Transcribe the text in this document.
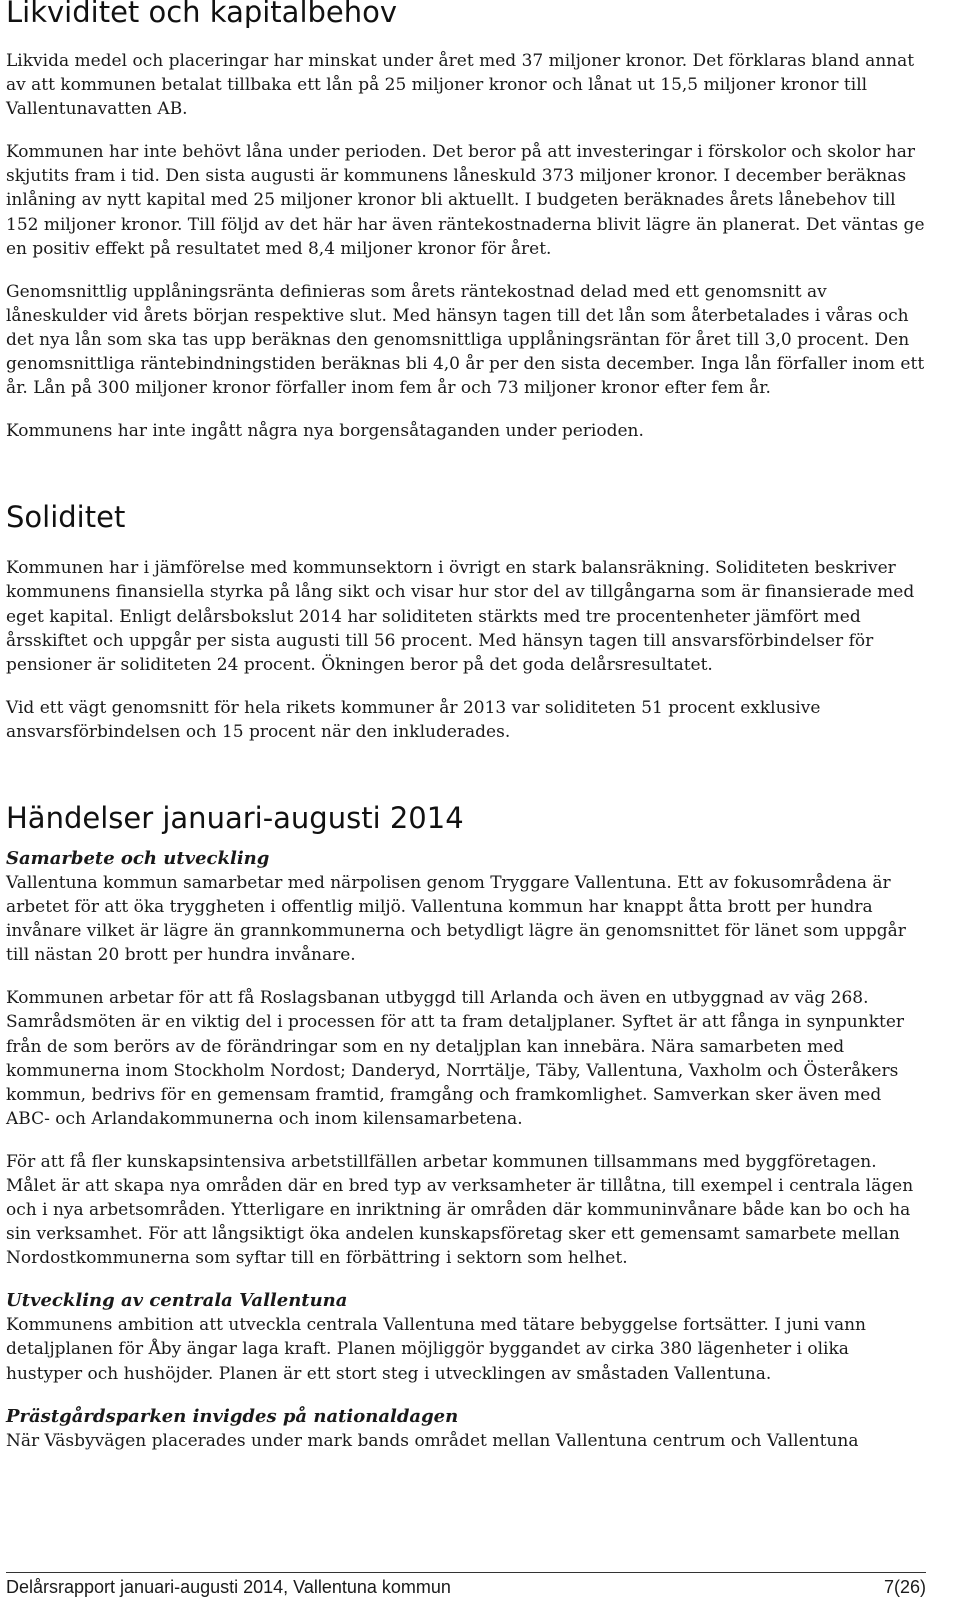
Likviditet och kapitalbehov

Likvida medel och placeringar har minskat under året med 37 miljoner kronor. Det förklaras bland annat av att kommunen betalat tillbaka ett lån på 25 miljoner kronor och lånat ut 15,5 miljoner kronor till Vallentunavatten AB.

Kommunen har inte behövt låna under perioden. Det beror på att investeringar i förskolor och skolor har skjutits fram i tid. Den sista augusti är kommunens låneskuld 373 miljoner kronor. I december beräknas inlåning av nytt kapital med 25 miljoner kronor bli aktuellt. I budgeten beräknades årets lånebehov till 152 miljoner kronor. Till följd av det här har även räntekostnaderna blivit lägre än planerat. Det väntas ge en positiv effekt på resultatet med 8,4 miljoner kronor för året.

Genomsnittlig upplåningsränta definieras som årets räntekostnad delad med ett genomsnitt av låneskulder vid årets början respektive slut. Med hänsyn tagen till det lån som återbetalades i våras och det nya lån som ska tas upp beräknas den genomsnittliga upplåningsräntan för året till 3,0 procent. Den genomsnittliga räntebindningstiden beräknas bli 4,0 år per den sista december. Inga lån förfaller inom ett år. Lån på 300 miljoner kronor förfaller inom fem år och 73 miljoner kronor efter fem år.

Kommunens har inte ingått några nya borgensåtaganden under perioden.

Soliditet

Kommunen har i jämförelse med kommunsektorn i övrigt en stark balansräkning. Soliditeten beskriver kommunens finansiella styrka på lång sikt och visar hur stor del av tillgångarna som är finansierade med eget kapital. Enligt delårsbokslut 2014 har soliditeten stärkts med tre procentenheter jämfört med årsskiftet och uppgår per sista augusti till 56 procent. Med hänsyn tagen till ansvarsförbindelser för pensioner är soliditeten 24 procent. Ökningen beror på det goda delårsresultatet.

Vid ett vägt genomsnitt för hela rikets kommuner år 2013 var soliditeten 51 procent exklusive ansvarsförbindelsen och 15 procent när den inkluderades.

Händelser januari-augusti 2014

Samarbete och utveckling

Vallentuna kommun samarbetar med närpolisen genom Tryggare Vallentuna. Ett av fokusområdena är arbetet för att öka tryggheten i offentlig miljö. Vallentuna kommun har knappt åtta brott per hundra invånare vilket är lägre än grannkommunerna och betydligt lägre än genomsnittet för länet som uppgår till nästan 20 brott per hundra invånare.

Kommunen arbetar för att få Roslagsbanan utbyggd till Arlanda och även en utbyggnad av väg 268. Samrådsmöten är en viktig del i processen för att ta fram detaljplaner. Syftet är att fånga in synpunkter från de som berörs av de förändringar som en ny detaljplan kan innebära. Nära samarbeten med kommunerna inom Stockholm Nordost; Danderyd, Norrtälje, Täby, Vallentuna, Vaxholm och Österåkers kommun, bedrivs för en gemensam framtid, framgång och framkomlighet. Samverkan sker även med ABC- och Arlandakommunerna och inom kilensamarbetena.

För att få fler kunskapsintensiva arbetstillfällen arbetar kommunen tillsammans med byggföretagen. Målet är att skapa nya områden där en bred typ av verksamheter är tillåtna, till exempel i centrala lägen och i nya arbetsområden. Ytterligare en inriktning är områden där kommuninvånare både kan bo och ha sin verksamhet. För att långsiktigt öka andelen kunskapsföretag sker ett gemensamt samarbete mellan Nordostkommunerna som syftar till en förbättring i sektorn som helhet.

Utveckling av centrala Vallentuna

Kommunens ambition att utveckla centrala Vallentuna med tätare bebyggelse fortsätter. I juni vann detaljplanen för Åby ängar laga kraft. Planen möjliggör byggandet av cirka 380 lägenheter i olika hustyper och hushöjder. Planen är ett stort steg i utvecklingen av småstaden Vallentuna.

Prästgårdsparken invigdes på nationaldagen

När Väsbyvägen placerades under mark bands området mellan Vallentuna centrum och Vallentuna

Delårsrapport januari-augusti 2014, Vallentuna kommun	7(26)
